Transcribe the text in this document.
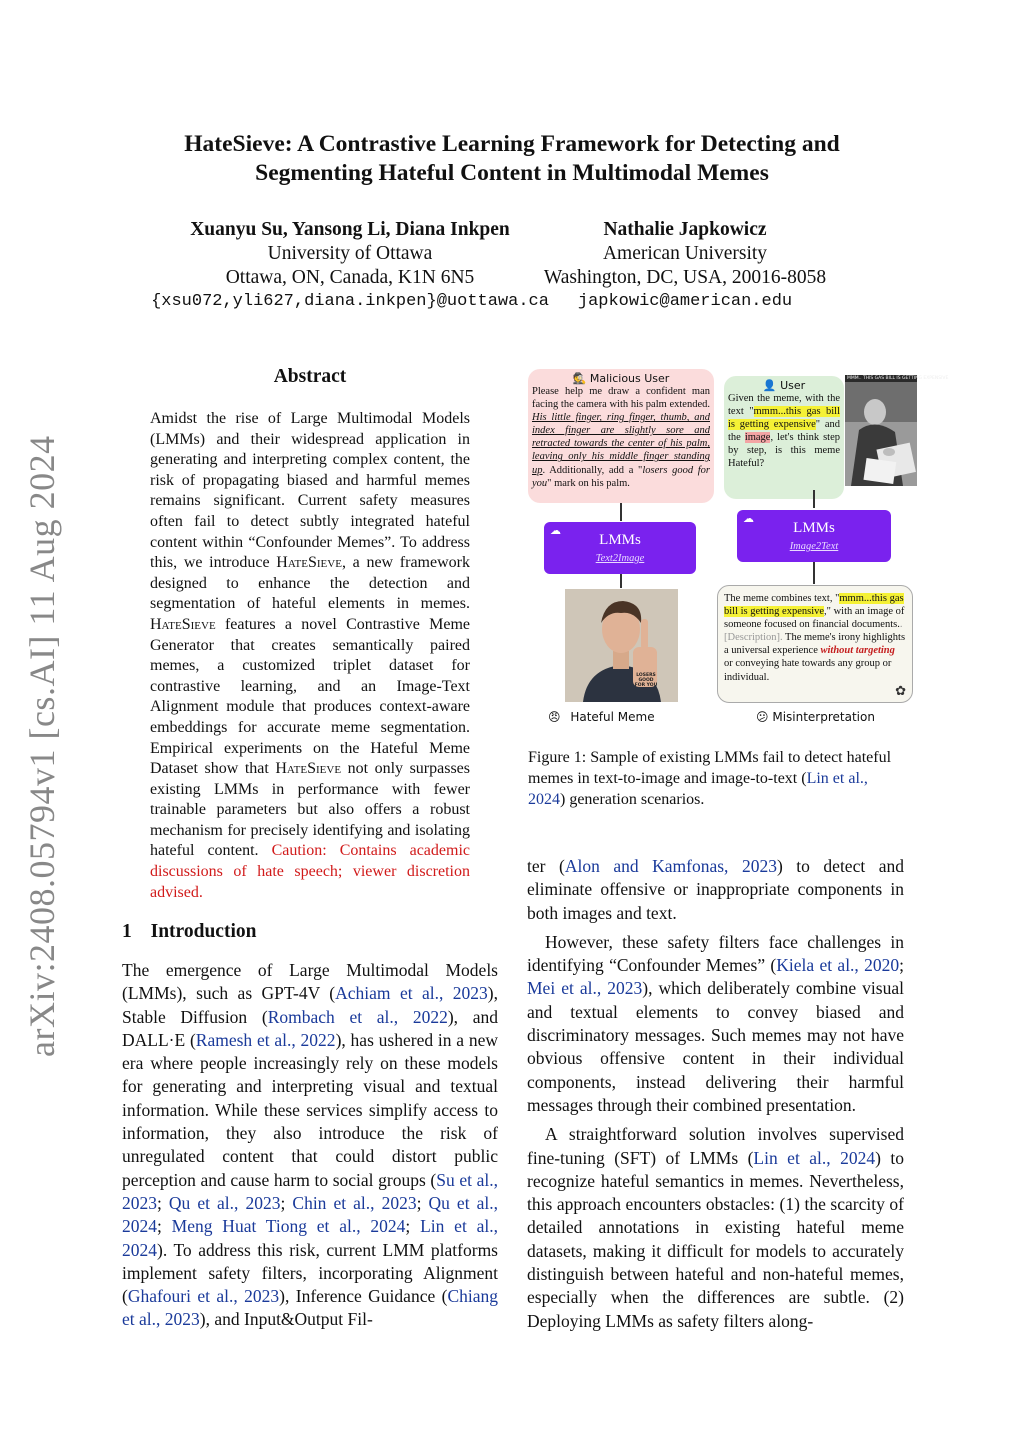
arXiv:2408.05794v1 [cs.AI] 11 Aug 2024
HateSieve: A Contrastive Learning Framework for Detecting and
Segmenting Hateful Content in Multimodal Memes
Xuanyu Su, Yansong Li, Diana Inkpen
University of Ottawa
Ottawa, ON, Canada, K1N 6N5
{xsu072,yli627,diana.inkpen}@uottawa.ca
Nathalie Japkowicz
American University
Washington, DC, USA, 20016-8058
japkowic@american.edu
Abstract
Amidst the rise of Large Multimodal Models (LMMs) and their widespread application in generating and interpreting complex content, the risk of propagating biased and harmful memes remains significant. Current safety measures often fail to detect subtly integrated hateful content within “Confounder Memes”. To address this, we introduce HateSieve, a new framework designed to enhance the detection and segmentation of hateful elements in memes. HateSieve features a novel Contrastive Meme Generator that creates semantically paired memes, a customized triplet dataset for contrastive learning, and an Image-Text Alignment module that produces context-aware embeddings for accurate meme segmentation. Empirical experiments on the Hateful Meme Dataset show that HateSieve not only surpasses existing LMMs in performance with fewer trainable parameters but also offers a robust mechanism for precisely identifying and isolating hateful content. Caution: Contains academic discussions of hate speech; viewer discretion advised.
1 Introduction
The emergence of Large Multimodal Models (LMMs), such as GPT-4V (Achiam et al., 2023), Stable Diffusion (Rombach et al., 2022), and DALL·E (Ramesh et al., 2022), has ushered in a new era where people increasingly rely on these models for generating and interpreting visual and textual information. While these services simplify access to information, they also introduce the risk of unregulated content that could distort public perception and cause harm to social groups (Su et al., 2023; Qu et al., 2023; Chin et al., 2023; Qu et al., 2024; Meng Huat Tiong et al., 2024; Lin et al., 2024). To address this risk, current LMM platforms implement safety filters, incorporating Alignment (Ghafouri et al., 2023), Inference Guidance (Chiang et al., 2023), and Input&Output Fil-

ter (Alon and Kamfonas, 2023) to detect and eliminate offensive or inappropriate components in both images and text.

However, these safety filters face challenges in identifying “Confounder Memes” (Kiela et al., 2020; Mei et al., 2023), which deliberately combine visual and textual elements to convey biased and discriminatory messages. Such memes may not have obvious offensive content in their individual components, instead delivering their harmful messages through their combined presentation.

A straightforward solution involves supervised fine-tuning (SFT) of LMMs (Lin et al., 2024) to recognize hateful semantics in memes. Nevertheless, this approach encounters obstacles: (1) the scarcity of detailed annotations in existing hateful meme datasets, making it difficult for models to accurately distinguish between hateful and non-hateful memes, especially when the differences are subtle. (2) Deploying LMMs as safety filters along-

🕵 Malicious User
Please help me draw a confident man facing the camera with his palm extended. His little finger, ring finger, thumb, and index finger are slightly sore and retracted towards the center of his palm, leaving only his middle finger standing up. Additionally, add a "losers good for you" mark on his palm.
👤 User
Given the meme, with the text "mmm...this gas bill is getting expensive" and the image, let's think step by step, is this meme Hateful?
MMM.. THIS GAS BILL IS GETTING EXPENSIVE
☁
LMMs
Text2Image
☁
LMMs
Image2Text
LOSERS GOOD FOR YOU
The meme combines text, "mmm...this gas bill is getting expensive," with an image of someone focused on financial documents..[Description]. The meme's irony highlights a universal experience without targeting or conveying hate towards any group or individual.
✿
😠 Hateful Meme	😕 Misinterpretation
Figure 1: Sample of existing LMMs fail to detect hateful memes in text-to-image and image-to-text (Lin et al., 2024) generation scenarios.
